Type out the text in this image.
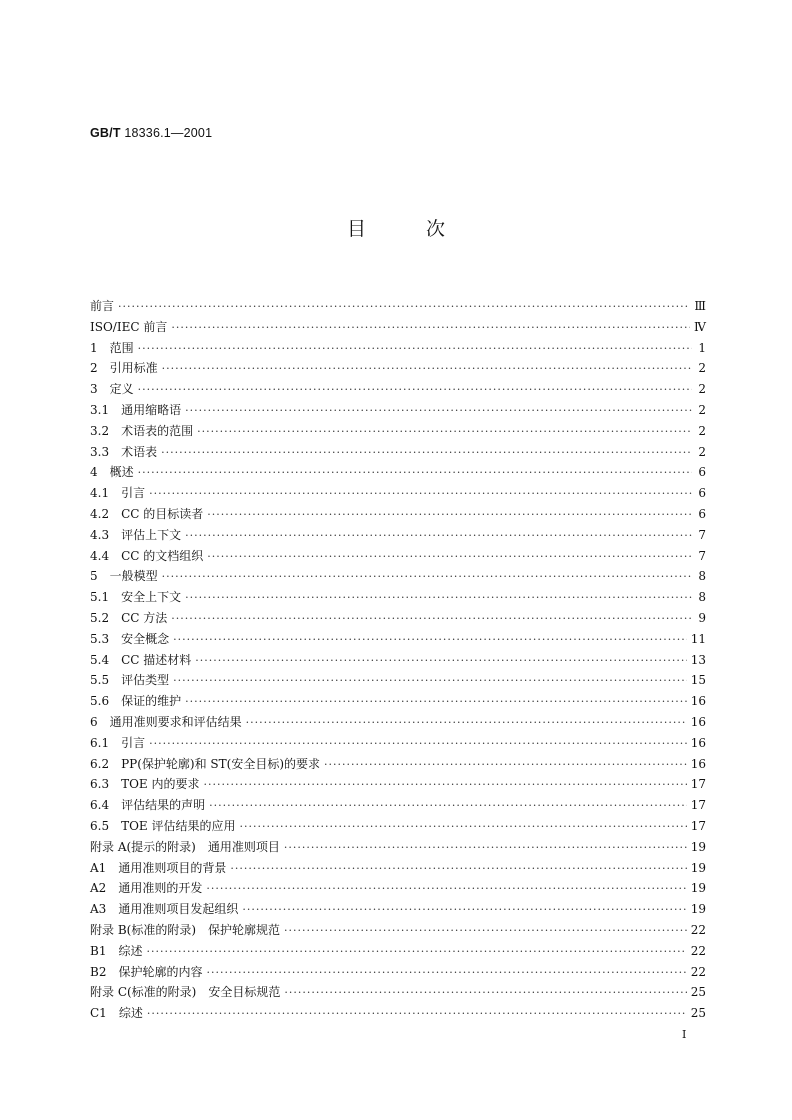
GB/T 18336.1—2001
目	次
前言 ·····	Ⅲ
ISO/IEC 前言 ·····	Ⅳ
1 范围 ·····	1
2 引用标准 ·····	2
3 定义 ·····	2
3.1 通用缩略语 ·····	2
3.2 术语表的范围 ·····	2
3.3 术语表 ·····	2
4 概述 ·····	6
4.1 引言 ·····	6
4.2 CC 的目标读者 ·····	6
4.3 评估上下文 ·····	7
4.4 CC 的文档组织 ·····	7
5 一般模型 ·····	8
5.1 安全上下文 ·····	8
5.2 CC 方法 ·····	9
5.3 安全概念 ·····	11
5.4 CC 描述材料 ·····	13
5.5 评估类型 ·····	15
5.6 保证的维护 ·····	16
6 通用准则要求和评估结果 ·····	16
6.1 引言 ·····	16
6.2 PP(保护轮廓)和 ST(安全目标)的要求 ·····	16
6.3 TOE 内的要求 ·····	17
6.4 评估结果的声明 ·····	17
6.5 TOE 评估结果的应用 ·····	17
附录 A(提示的附录)　通用准则项目 ·····	19
A1 通用准则项目的背景 ·····	19
A2 通用准则的开发 ·····	19
A3 通用准则项目发起组织 ·····	19
附录 B(标准的附录)　保护轮廓规范 ·····	22
B1 综述 ·····	22
B2 保护轮廓的内容 ·····	22
附录 C(标准的附录)　安全目标规范 ·····	25
C1 综述 ·····	25
I
